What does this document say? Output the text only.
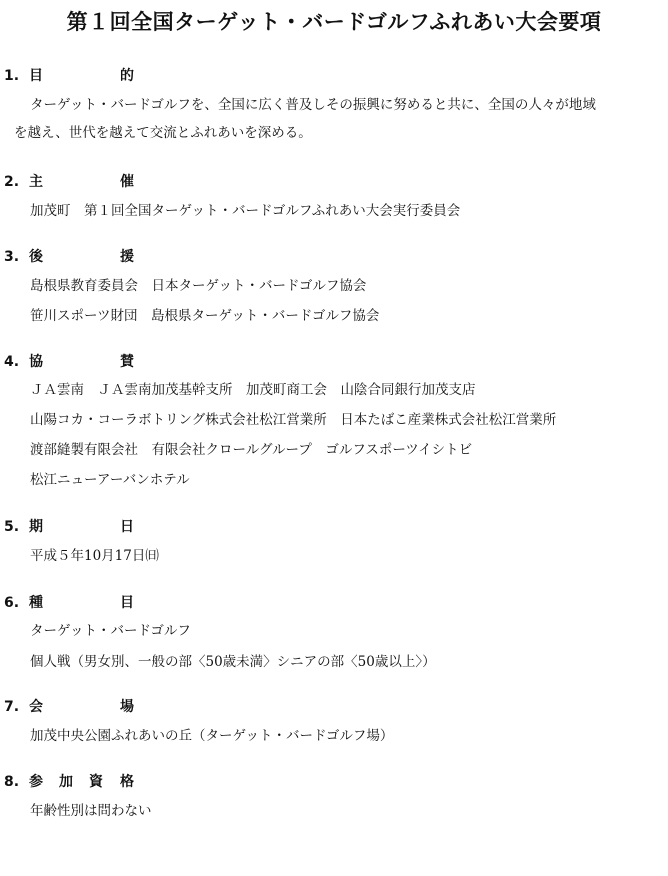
第１回全国ターゲット・バードゴルフふれあい大会要項
1. 目	的
ターゲット・バードゴルフを、全国に広く普及しその振興に努めると共に、全国の人々が地域
を越え、世代を越えて交流とふれあいを深める。
2. 主	催
加茂町　第１回全国ターゲット・バードゴルフふれあい大会実行委員会
3. 後	援
島根県教育委員会　日本ターゲット・バードゴルフ協会
笹川スポーツ財団　島根県ターゲット・バードゴルフ協会
4. 協	賛
ＪＡ雲南　ＪＡ雲南加茂基幹支所　加茂町商工会　山陰合同銀行加茂支店
山陽コカ・コーラボトリング株式会社松江営業所　日本たばこ産業株式会社松江営業所
渡部縫製有限会社　有限会社クロールグループ　ゴルフスポーツイシトビ
松江ニューアーバンホテル
5. 期	日
平成５年10月17日㈰
6. 種	目
ターゲット・バードゴルフ
個人戦（男女別、一般の部〈50歳未満〉シニアの部〈50歳以上〉）
7. 会	場
加茂中央公園ふれあいの丘（ターゲット・バードゴルフ場）
8. 参 加 資 格
年齢性別は問わない
